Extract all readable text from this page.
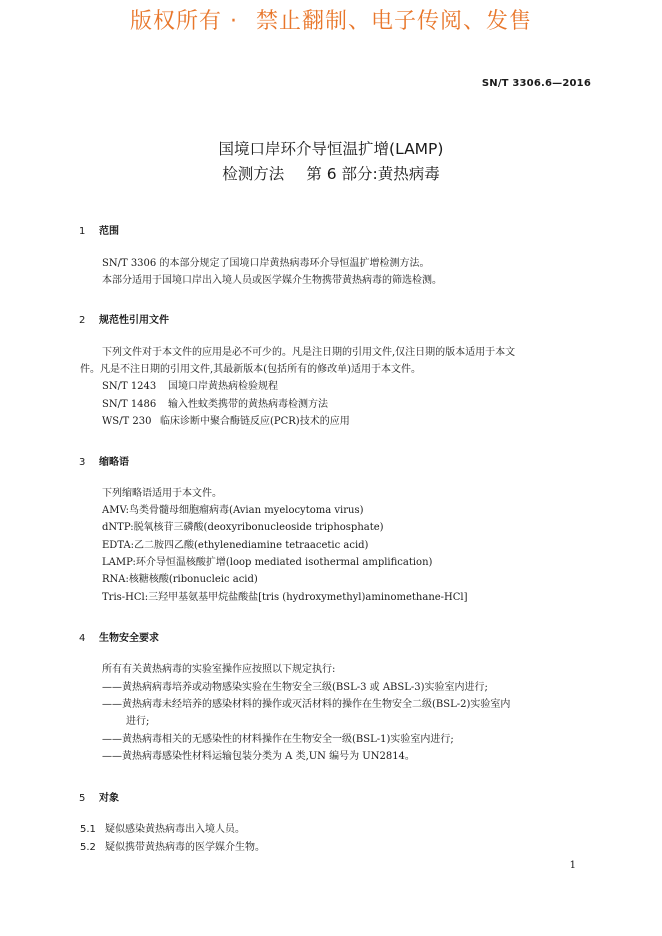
版权所有 · 禁止翻制、电子传阅、发售
SN/T 3306.6—2016
国境口岸环介导恒温扩增(LAMP)
检测方法 第 6 部分:黄热病毒
1 范围
SN/T 3306 的本部分规定了国境口岸黄热病毒环介导恒温扩增检测方法。
本部分适用于国境口岸出入境人员或医学媒介生物携带黄热病毒的筛选检测。
2 规范性引用文件
下列文件对于本文件的应用是必不可少的。凡是注日期的引用文件,仅注日期的版本适用于本文
件。凡是不注日期的引用文件,其最新版本(包括所有的修改单)适用于本文件。
SN/T 1243 国境口岸黄热病检验规程
SN/T 1486 输入性蚊类携带的黄热病毒检测方法
WS/T 230 临床诊断中聚合酶链反应(PCR)技术的应用
3 缩略语
下列缩略语适用于本文件。
AMV:鸟类骨髓母细胞瘤病毒(Avian myelocytoma virus)
dNTP:脱氧核苷三磷酸(deoxyribonucleoside triphosphate)
EDTA:乙二胺四乙酸(ethylenediamine tetraacetic acid)
LAMP:环介导恒温核酸扩增(loop mediated isothermal amplification)
RNA:核糖核酸(ribonucleic acid)
Tris-HCl:三羟甲基氨基甲烷盐酸盐[tris (hydroxymethyl)aminomethane-HCl]
4 生物安全要求
所有有关黄热病毒的实验室操作应按照以下规定执行:
——黄热病病毒培养或动物感染实验在生物安全三级(BSL-3 或 ABSL-3)实验室内进行;
——黄热病毒未经培养的感染材料的操作或灭活材料的操作在生物安全二级(BSL-2)实验室内
进行;
——黄热病毒相关的无感染性的材料操作在生物安全一级(BSL-1)实验室内进行;
——黄热病毒感染性材料运输包装分类为 A 类,UN 编号为 UN2814。
5 对象
5.1 疑似感染黄热病毒出入境人员。
5.2 疑似携带黄热病毒的医学媒介生物。
1
